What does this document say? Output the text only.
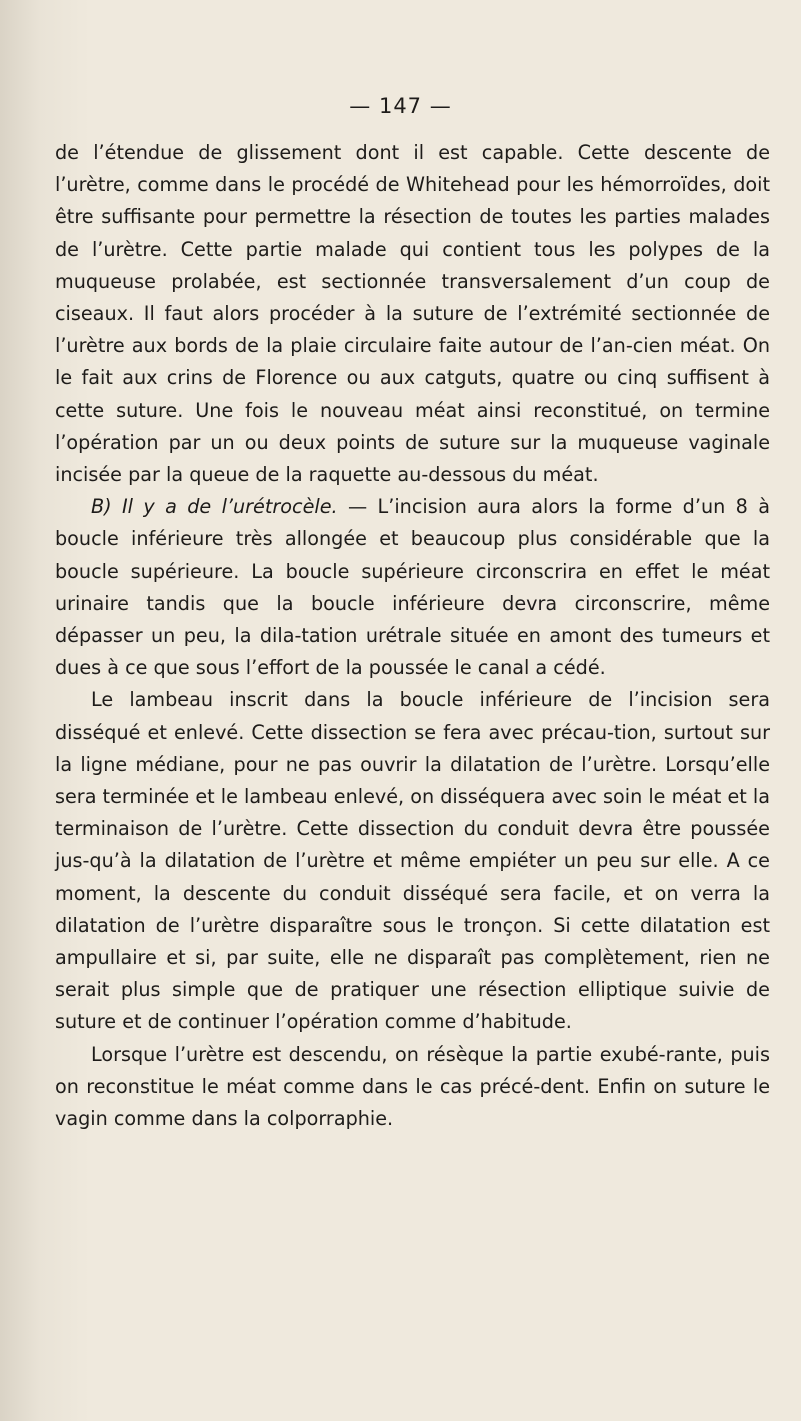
— 147 —

de l’étendue de glissement dont il est capable. Cette descente de l’urètre, comme dans le procédé de Whitehead pour les hémorroïdes, doit être suffisante pour permettre la résection de toutes les parties malades de l’urètre. Cette partie malade qui contient tous les polypes de la muqueuse prolabée, est sectionnée transversalement d’un coup de ciseaux. Il faut alors procéder à la suture de l’extrémité sectionnée de l’urètre aux bords de la plaie circulaire faite autour de l’an-cien méat. On le fait aux crins de Florence ou aux catguts, quatre ou cinq suffisent à cette suture. Une fois le nouveau méat ainsi reconstitué, on termine l’opération par un ou deux points de suture sur la muqueuse vaginale incisée par la queue de la raquette au-dessous du méat.

B) Il y a de l’urétrocèle. — L’incision aura alors la forme d’un 8 à boucle inférieure très allongée et beaucoup plus considérable que la boucle supérieure. La boucle supérieure circonscrira en effet le méat urinaire tandis que la boucle inférieure devra circonscrire, même dépasser un peu, la dila-tation urétrale située en amont des tumeurs et dues à ce que sous l’effort de la poussée le canal a cédé.

Le lambeau inscrit dans la boucle inférieure de l’incision sera disséqué et enlevé. Cette dissection se fera avec précau-tion, surtout sur la ligne médiane, pour ne pas ouvrir la dilatation de l’urètre. Lorsqu’elle sera terminée et le lambeau enlevé, on disséquera avec soin le méat et la terminaison de l’urètre. Cette dissection du conduit devra être poussée jus-qu’à la dilatation de l’urètre et même empiéter un peu sur elle. A ce moment, la descente du conduit disséqué sera facile, et on verra la dilatation de l’urètre disparaître sous le tronçon. Si cette dilatation est ampullaire et si, par suite, elle ne disparaît pas complètement, rien ne serait plus simple que de pratiquer une résection elliptique suivie de suture et de continuer l’opération comme d’habitude.

Lorsque l’urètre est descendu, on résèque la partie exubé-rante, puis on reconstitue le méat comme dans le cas précé-dent. Enfin on suture le vagin comme dans la colporraphie.
